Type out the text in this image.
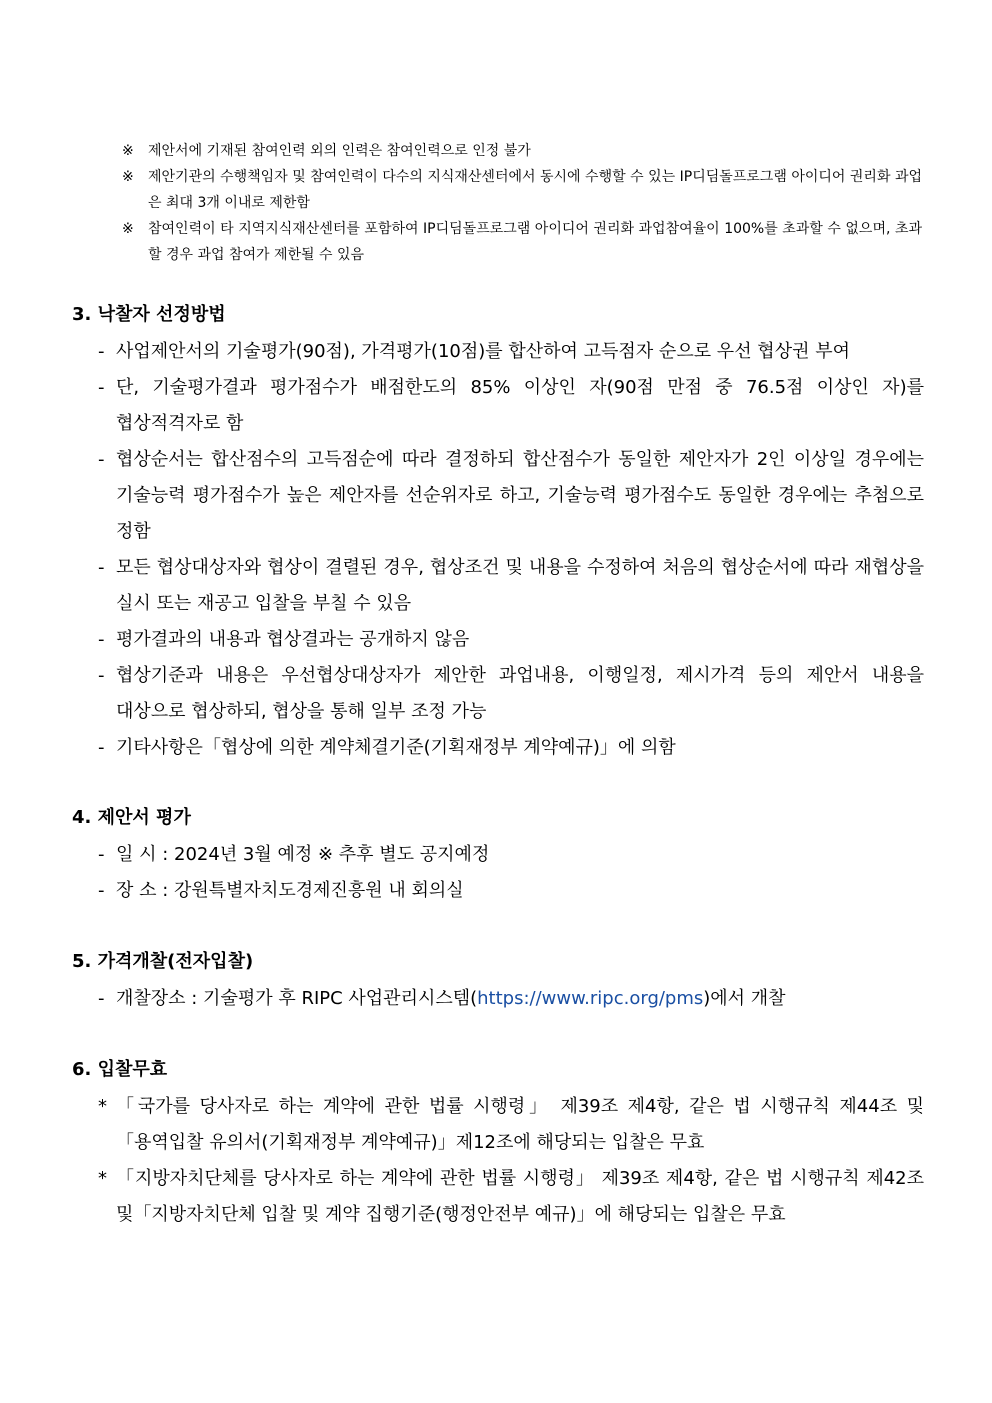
※	제안서에 기재된 참여인력 외의 인력은 참여인력으로 인정 불가
※	제안기관의 수행책임자 및 참여인력이 다수의 지식재산센터에서 동시에 수행할 수 있는 IP디딤돌프로그램 아이디어 권리화 과업은 최대 3개 이내로 제한함
※	참여인력이 타 지역지식재산센터를 포함하여 IP디딤돌프로그램 아이디어 권리화 과업참여율이 100%를 초과할 수 없으며, 초과할 경우 과업 참여가 제한될 수 있음
3. 낙찰자 선정방법
- 사업제안서의 기술평가(90점), 가격평가(10점)를 합산하여 고득점자 순으로 우선 협상권 부여
- 단, 기술평가결과 평가점수가 배점한도의 85% 이상인 자(90점 만점 중 76.5점 이상인 자)를 협상적격자로 함
- 협상순서는 합산점수의 고득점순에 따라 결정하되 합산점수가 동일한 제안자가 2인 이상일 경우에는 기술능력 평가점수가 높은 제안자를 선순위자로 하고, 기술능력 평가점수도 동일한 경우에는 추첨으로 정함
- 모든 협상대상자와 협상이 결렬된 경우, 협상조건 및 내용을 수정하여 처음의 협상순서에 따라 재협상을 실시 또는 재공고 입찰을 부칠 수 있음
- 평가결과의 내용과 협상결과는 공개하지 않음
- 협상기준과 내용은 우선협상대상자가 제안한 과업내용, 이행일정, 제시가격 등의 제안서 내용을 대상으로 협상하되, 협상을 통해 일부 조정 가능
- 기타사항은「협상에 의한 계약체결기준(기획재정부 계약예규)」에 의함
4. 제안서 평가
- 일 시 : 2024년 3월 예정 ※ 추후 별도 공지예정
- 장 소 : 강원특별자치도경제진흥원 내 회의실
5. 가격개찰(전자입찰)
- 개찰장소 : 기술평가 후 RIPC 사업관리시스템(https://www.ripc.org/pms)에서 개찰
6. 입찰무효
* 「국가를 당사자로 하는 계약에 관한 법률 시행령」 제39조 제4항, 같은 법 시행규칙 제44조 및 「용역입찰 유의서(기획재정부 계약예규)」제12조에 해당되는 입찰은 무효
* 「지방자치단체를 당사자로 하는 계약에 관한 법률 시행령」 제39조 제4항, 같은 법 시행규칙 제42조 및「지방자치단체 입찰 및 계약 집행기준(행정안전부 예규)」에 해당되는 입찰은 무효
